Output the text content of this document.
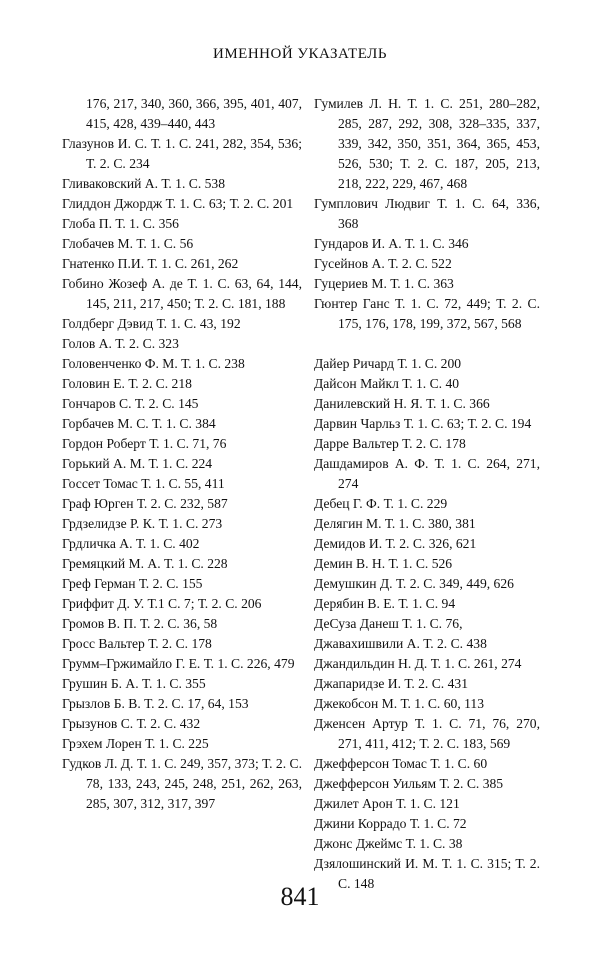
ИМЕННОЙ УКАЗАТЕЛЬ
176, 217, 340, 360, 366, 395, 401, 407, 415, 428, 439–440, 443
Глазунов И. С. Т. 1. С. 241, 282, 354, 536; Т. 2. С. 234
Гливаковский А. Т. 1. С. 538
Глиддон Джордж Т. 1. С. 63; Т. 2. С. 201
Глоба П. Т. 1. С. 356
Глобачев М. Т. 1. С. 56
Гнатенко П.И. Т. 1. С. 261, 262
Гобино Жозеф А. де Т. 1. С. 63, 64, 144, 145, 211, 217, 450; Т. 2. С. 181, 188
Голдберг Дэвид Т. 1. С. 43, 192
Голов А. Т. 2. С. 323
Головенченко Ф. М. Т. 1. С. 238
Головин Е. Т. 2. С. 218
Гончаров С. Т. 2. С. 145
Горбачев М. С. Т. 1. С. 384
Гордон Роберт Т. 1. С. 71, 76
Горький А. М. Т. 1. С. 224
Госсет Томас Т. 1. С. 55, 411
Граф Юрген Т. 2. С. 232, 587
Грдзелидзе Р. К. Т. 1. С. 273
Грдличка А. Т. 1. С. 402
Гремяцкий М. А. Т. 1. С. 228
Греф Герман Т. 2. С. 155
Гриффит Д. У. Т.1 С. 7; Т. 2. С. 206
Громов В. П. Т. 2. С. 36, 58
Гросс Вальтер Т. 2. С. 178
Грумм–Гржимайло Г. Е. Т. 1. С. 226, 479
Грушин Б. А. Т. 1. С. 355
Грызлов Б. В. Т. 2. С. 17, 64, 153
Грызунов С. Т. 2. С. 432
Грэхем Лорен Т. 1. С. 225
Гудков Л. Д. Т. 1. С. 249, 357, 373; Т. 2. С. 78, 133, 243, 245, 248, 251, 262, 263, 285, 307, 312, 317, 397
Гумилев Л. Н. Т. 1. С. 251, 280–282, 285, 287, 292, 308, 328–335, 337, 339, 342, 350, 351, 364, 365, 453, 526, 530; Т. 2. С. 187, 205, 213, 218, 222, 229, 467, 468
Гумплович Людвиг Т. 1. С. 64, 336, 368
Гундаров И. А. Т. 1. С. 346
Гусейнов А. Т. 2. С. 522
Гуцериев М. Т. 1. С. 363
Гюнтер Ганс Т. 1. С. 72, 449; Т. 2. С. 175, 176, 178, 199, 372, 567, 568
Дайер Ричард Т. 1. С. 200
Дайсон Майкл Т. 1. С. 40
Данилевский Н. Я. Т. 1. С. 366
Дарвин Чарльз Т. 1. С. 63; Т. 2. С. 194
Дарре Вальтер Т. 2. С. 178
Дашдамиров А. Ф. Т. 1. С. 264, 271, 274
Дебец Г. Ф. Т. 1. С. 229
Делягин М. Т. 1. С. 380, 381
Демидов И. Т. 2. С. 326, 621
Демин В. Н. Т. 1. С. 526
Демушкин Д. Т. 2. С. 349, 449, 626
Дерябин В. Е. Т. 1. С. 94
ДеСуза Данеш Т. 1. С. 76,
Джавахишвили А. Т. 2. С. 438
Джандильдин Н. Д. Т. 1. С. 261, 274
Джапаридзе И. Т. 2. С. 431
Джекобсон М. Т. 1. С. 60, 113
Дженсен Артур Т. 1. С. 71, 76, 270, 271, 411, 412; Т. 2. С. 183, 569
Джефферсон Томас Т. 1. С. 60
Джефферсон Уильям Т. 2. С. 385
Джилет Арон Т. 1. С. 121
Джини Коррадо Т. 1. С. 72
Джонс Джеймс Т. 1. С. 38
Дзялошинский И. М. Т. 1. С. 315; Т. 2. С. 148
841
